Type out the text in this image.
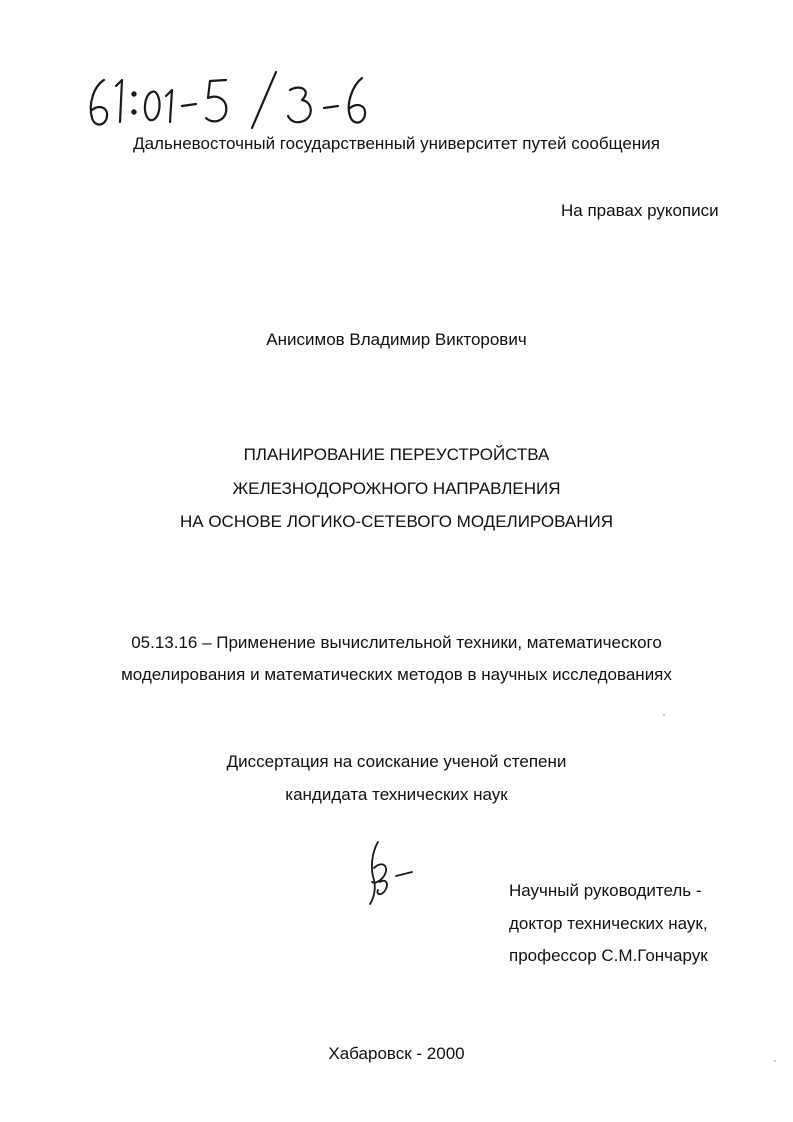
Дальневосточный государственный университет путей сообщения
На правах рукописи
Анисимов Владимир Викторович
ПЛАНИРОВАНИЕ ПЕРЕУСТРОЙСТВА
ЖЕЛЕЗНОДОРОЖНОГО НАПРАВЛЕНИЯ
НА ОСНОВЕ ЛОГИКО-СЕТЕВОГО МОДЕЛИРОВАНИЯ
05.13.16 – Применение вычислительной техники, математического
моделирования и математических методов в научных исследованиях
Диссертация на соискание ученой степени
кандидата технических наук
Научный руководитель -
доктор технических наук,
профессор С.М.Гончарук
Хабаровск - 2000
